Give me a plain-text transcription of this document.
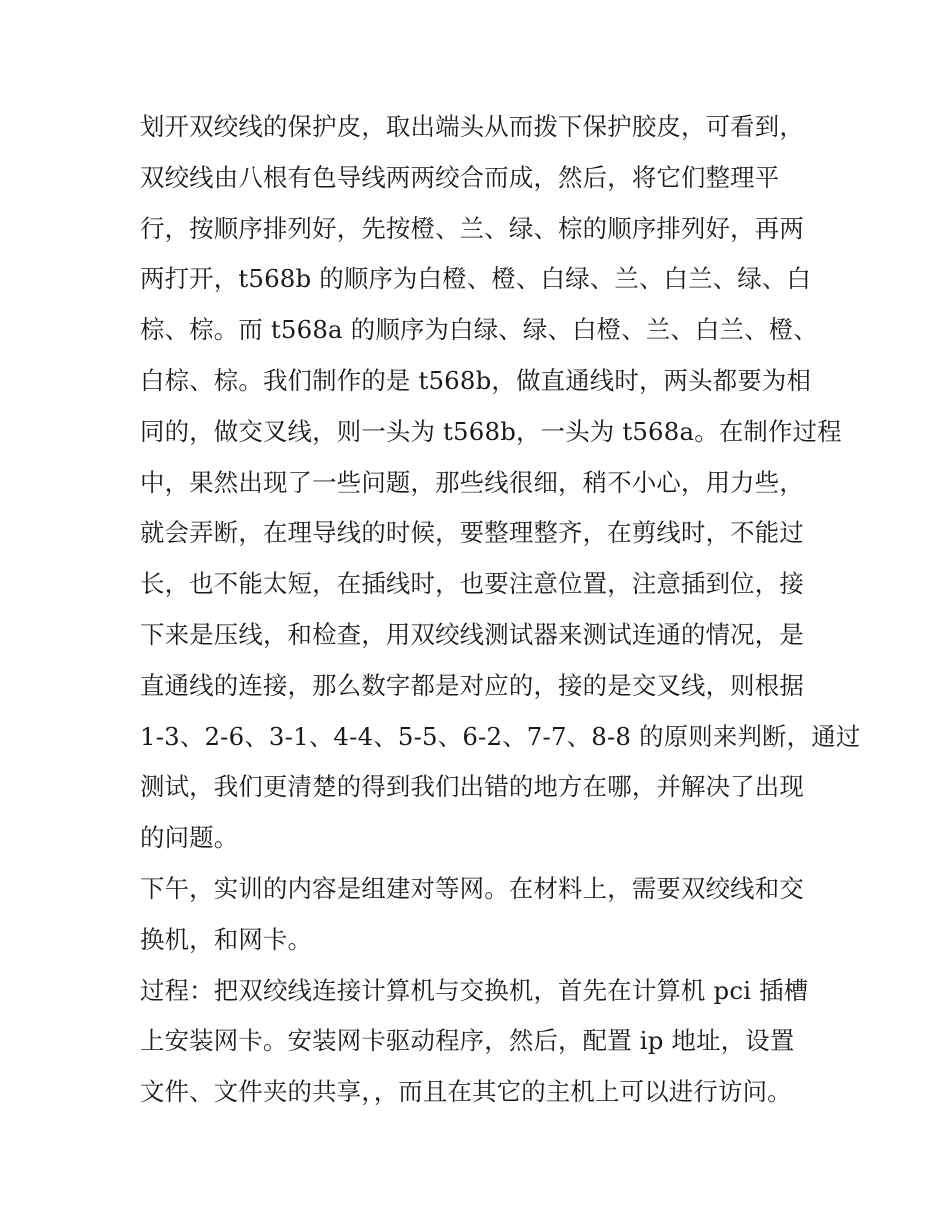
划开双绞线的保护皮，取出端头从而拨下保护胶皮，可看到，
双绞线由八根有色导线两两绞合而成，然后，将它们整理平
行，按顺序排列好，先按橙、兰、绿、棕的顺序排列好，再两
两打开，t568b 的顺序为白橙、橙、白绿、兰、白兰、绿、白
棕、棕。而 t568a 的顺序为白绿、绿、白橙、兰、白兰、橙、
白棕、棕。我们制作的是 t568b，做直通线时，两头都要为相
同的，做交叉线，则一头为 t568b，一头为 t568a。在制作过程
中，果然出现了一些问题，那些线很细，稍不小心，用力些，
就会弄断，在理导线的时候，要整理整齐，在剪线时，不能过
长，也不能太短，在插线时，也要注意位置，注意插到位，接
下来是压线，和检查，用双绞线测试器来测试连通的情况，是
直通线的连接，那么数字都是对应的，接的是交叉线，则根据
1-3、2-6、3-1、4-4、5-5、6-2、7-7、8-8 的原则来判断，通过
测试，我们更清楚的得到我们出错的地方在哪，并解决了出现
的问题。
下午，实训的内容是组建对等网。在材料上，需要双绞线和交
换机，和网卡。
过程：把双绞线连接计算机与交换机，首先在计算机 pci 插槽
上安装网卡。安装网卡驱动程序，然后，配置 ip 地址，设置
文件、文件夹的共享，，而且在其它的主机上可以进行访问。
